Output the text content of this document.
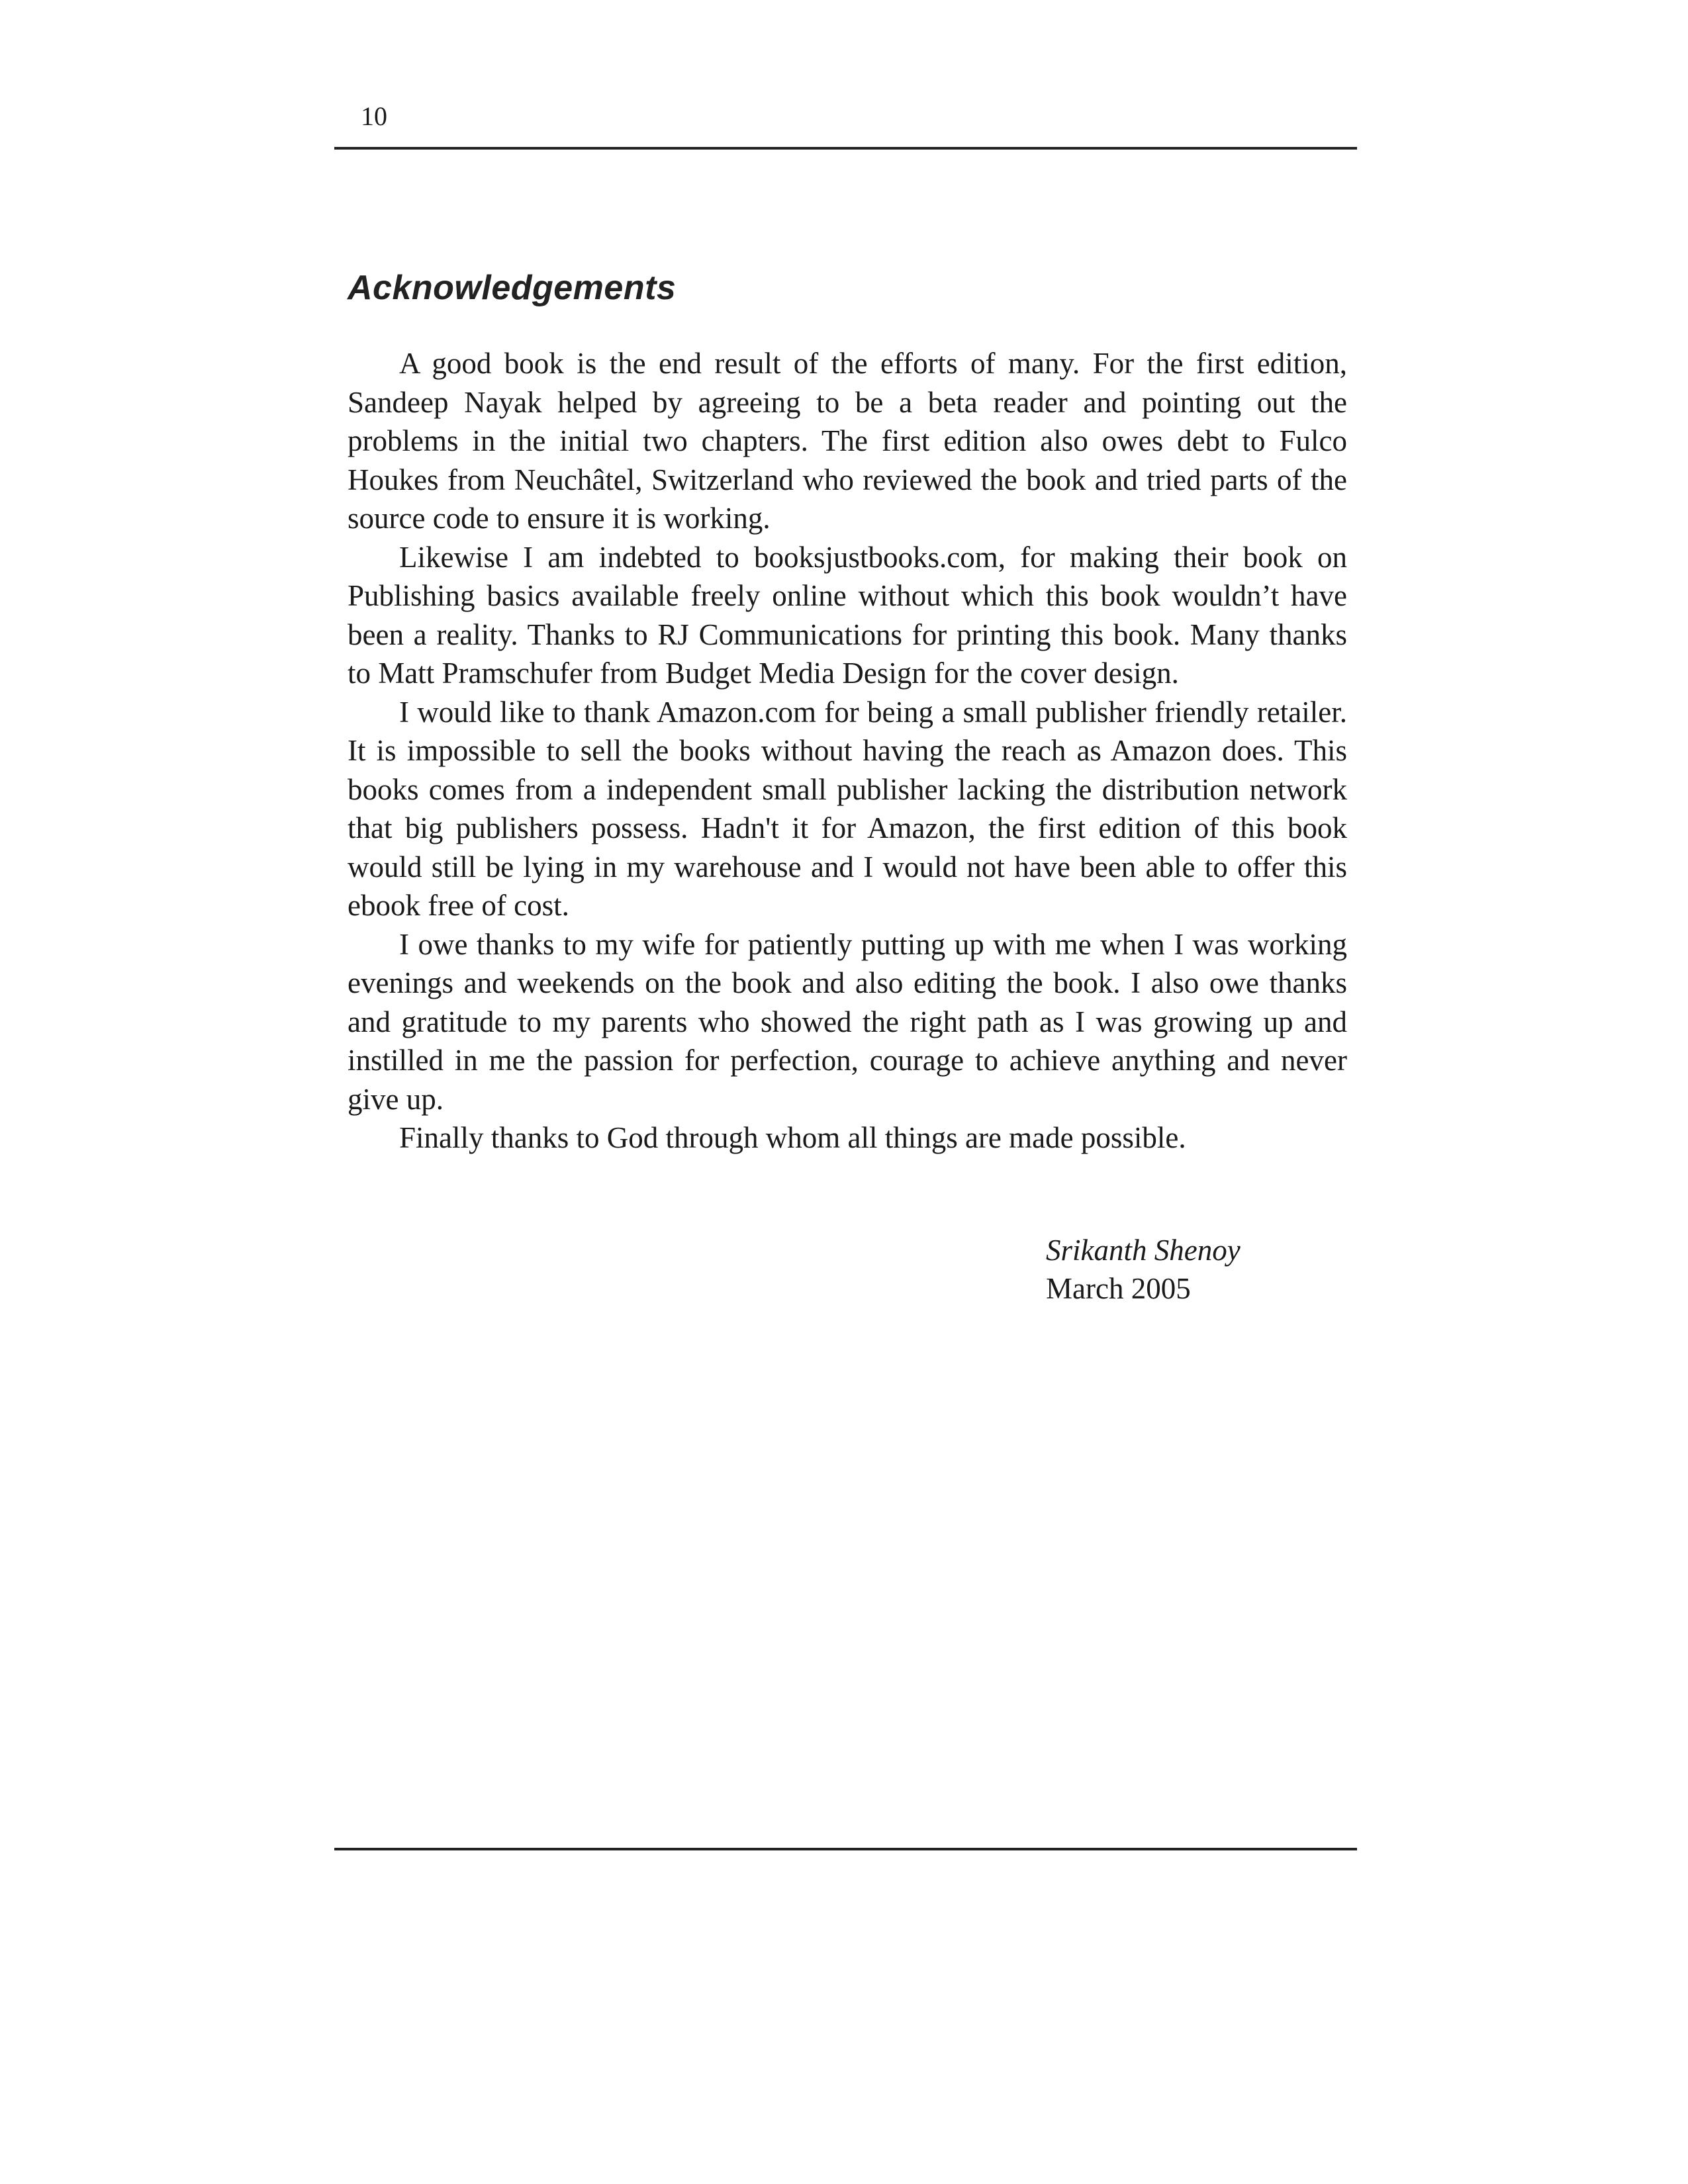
10
Acknowledgements

A good book is the end result of the efforts of many. For the first edition, Sandeep Nayak helped by agreeing to be a beta reader and pointing out the problems in the initial two chapters. The first edition also owes debt to Fulco Houkes from Neuchâtel, Switzerland who reviewed the book and tried parts of the source code to ensure it is working.

Likewise I am indebted to booksjustbooks.com, for making their book on Publishing basics available freely online without which this book wouldn’t have been a reality. Thanks to RJ Communications for printing this book. Many thanks to Matt Pramschufer from Budget Media Design for the cover design.

I would like to thank Amazon.com for being a small publisher friendly retailer. It is impossible to sell the books without having the reach as Amazon does. This books comes from a independent small publisher lacking the distribution network that big publishers possess. Hadn't it for Amazon, the first edition of this book would still be lying in my warehouse and I would not have been able to offer this ebook free of cost.

I owe thanks to my wife for patiently putting up with me when I was working evenings and weekends on the book and also editing the book. I also owe thanks and gratitude to my parents who showed the right path as I was growing up and instilled in me the passion for perfection, courage to achieve anything and never give up.

Finally thanks to God through whom all things are made possible.

Srikanth Shenoy
March 2005
